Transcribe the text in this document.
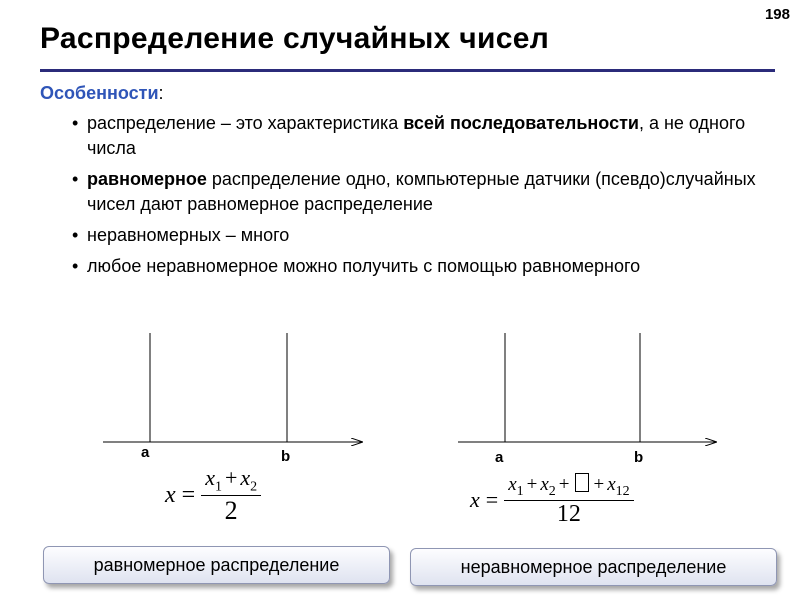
198
Распределение случайных чисел
Особенности:
• распределение – это характеристика всей последовательности, а не одного числа
• равномерное распределение одно, компьютерные датчики (псевдо)случайных чисел дают равномерное распределение
• неравномерных – много
• любое неравномерное можно получить с помощью равномерного
a	b	a	b
$x = \frac{x_1 + x_2}{2}$	$x = \frac{x_1 + x_2 + + x_{12}}{12}$
равномерное распределение	неравномерное распределение
